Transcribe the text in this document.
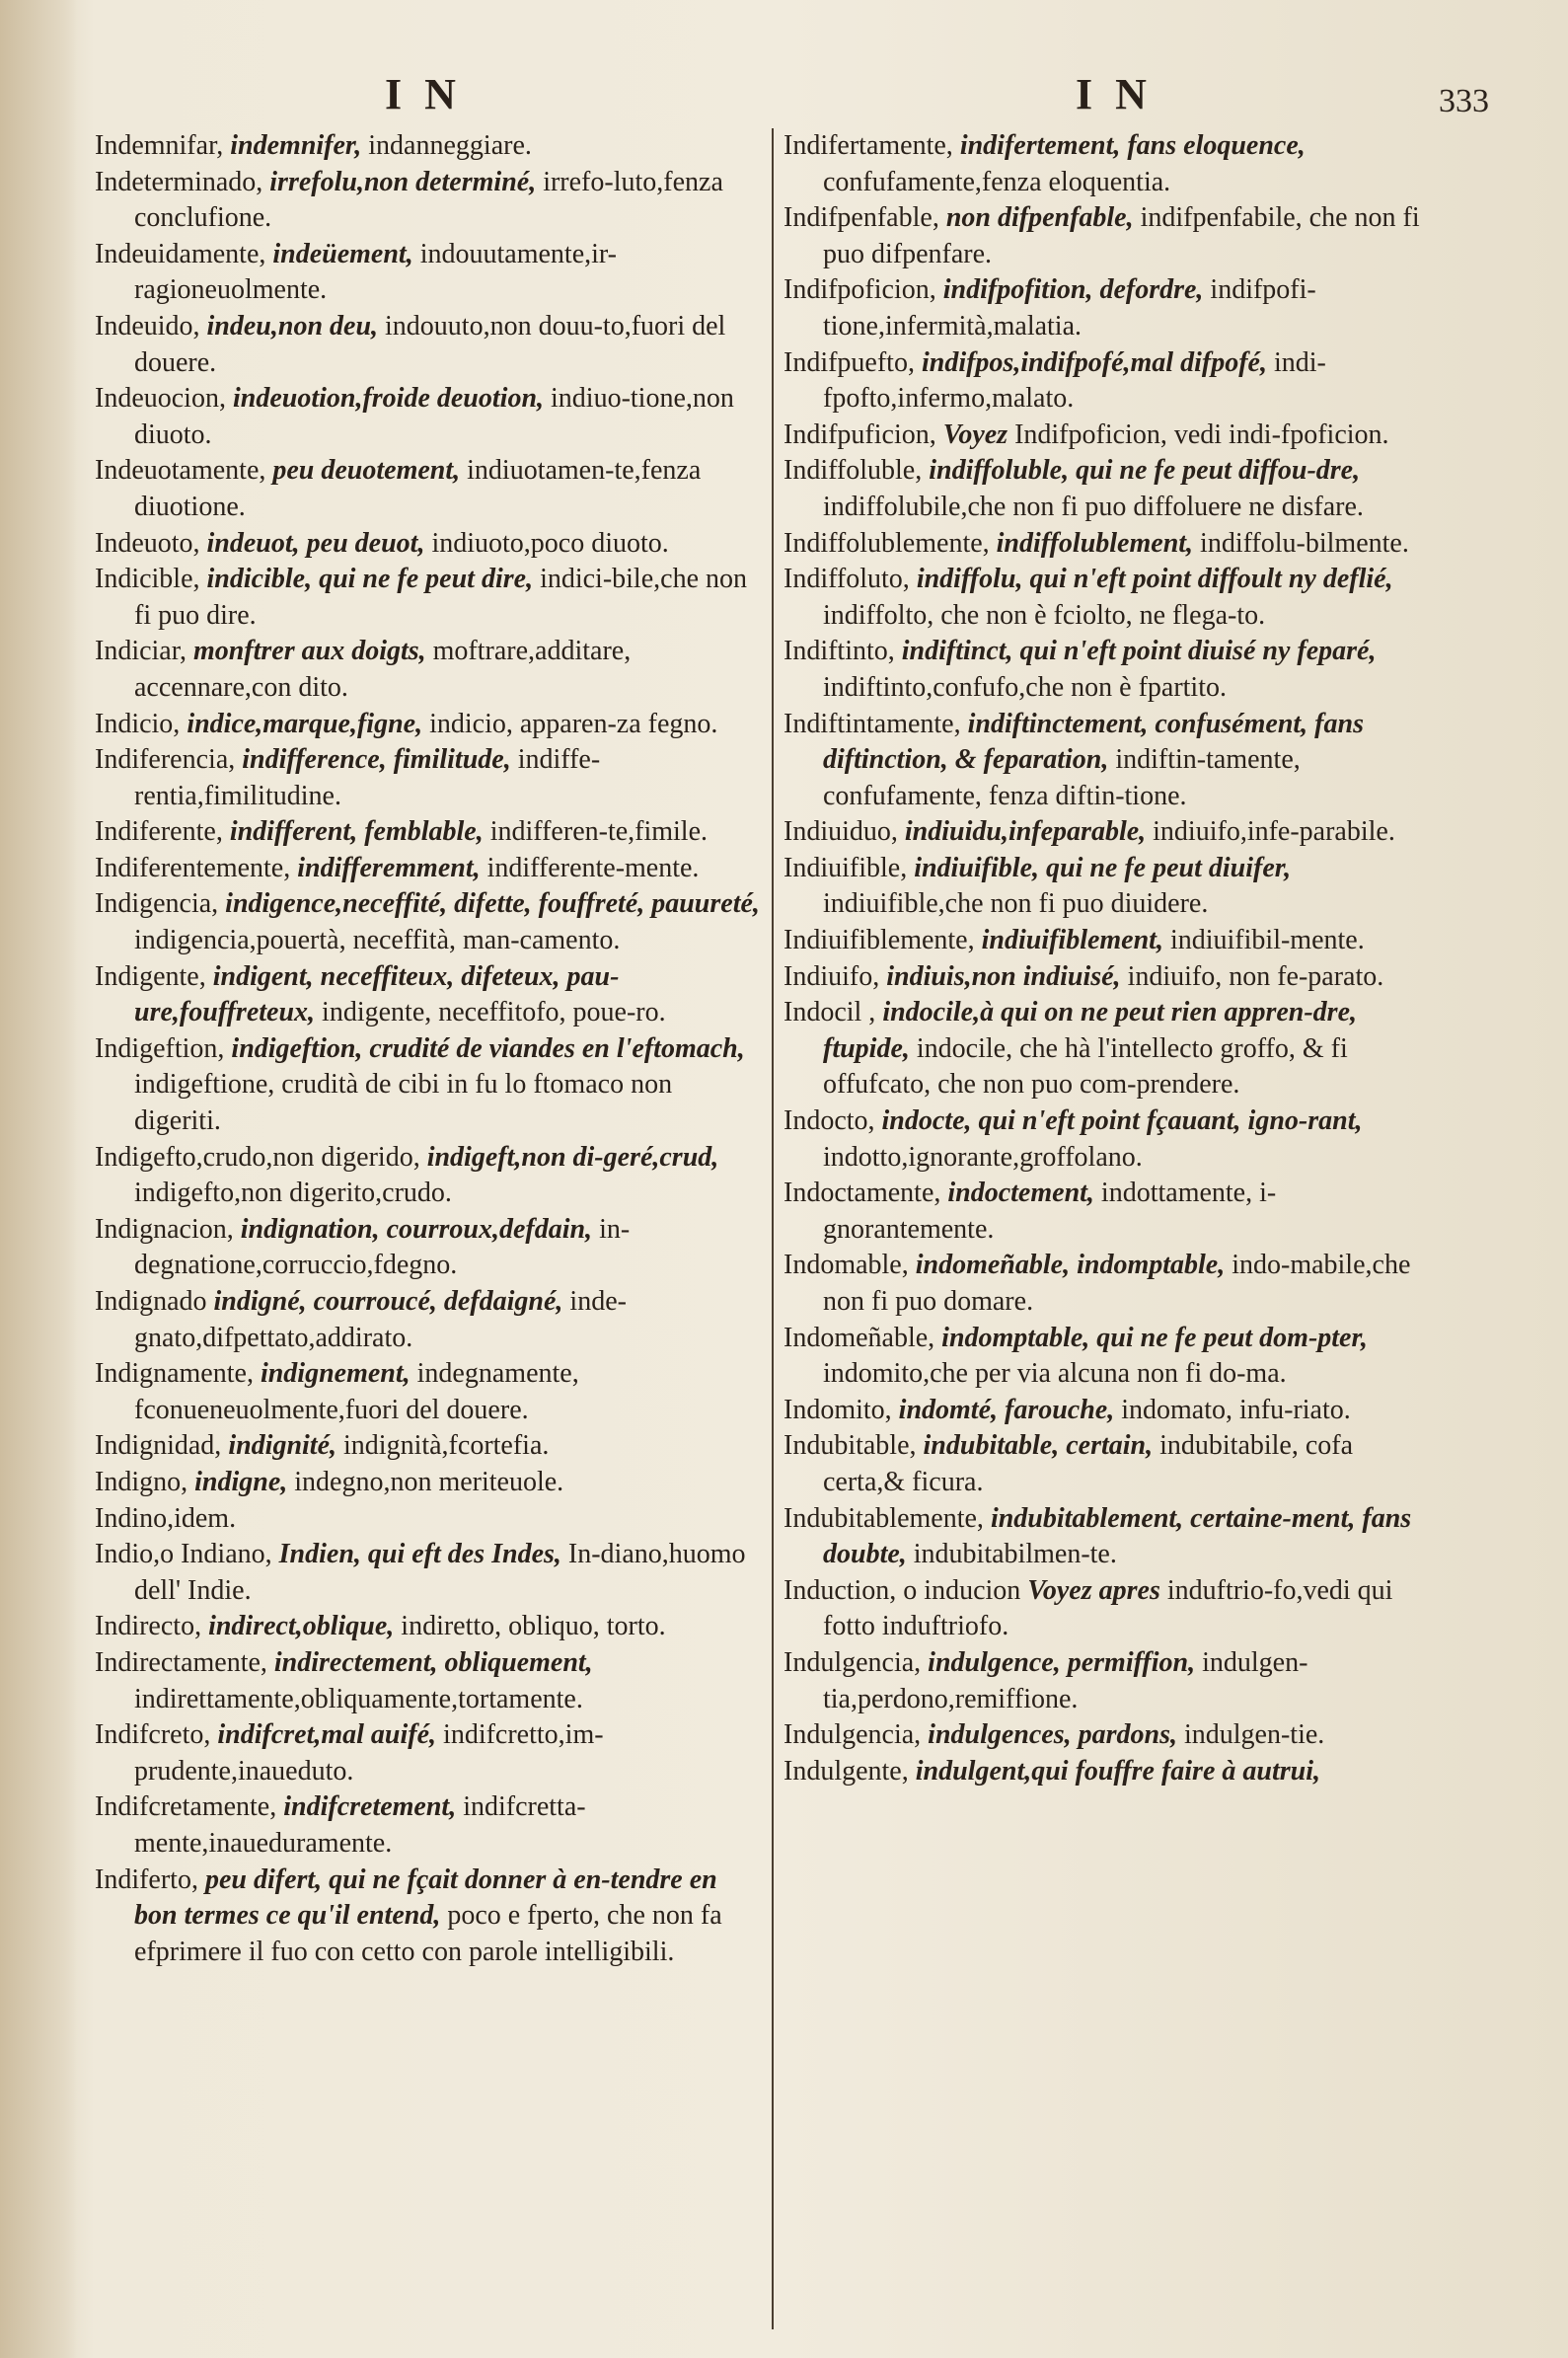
I N	I N	333

Indemnifar, indemnifer, indanneggiare.

Indeterminado, irrefolu,non determiné, irrefo-luto,fenza conclufione.

Indeuidamente, indeüement, indouutamente,ir-ragioneuolmente.

Indeuido, indeu,non deu, indouuto,non douu-to,fuori del douere.

Indeuocion, indeuotion,froide deuotion, indiuo-tione,non diuoto.

Indeuotamente, peu deuotement, indiuotamen-te,fenza diuotione.

Indeuoto, indeuot, peu deuot, indiuoto,poco diuoto.

Indicible, indicible, qui ne fe peut dire, indici-bile,che non fi puo dire.

Indiciar, monftrer aux doigts, moftrare,additare, accennare,con dito.

Indicio, indice,marque,figne, indicio, apparen-za fegno.

Indiferencia, indifference, fimilitude, indiffe-rentia,fimilitudine.

Indiferente, indifferent, femblable, indifferen-te,fimile.

Indiferentemente, indifferemment, indifferente-mente.

Indigencia, indigence,neceffité, difette, fouffreté, pauureté, indigencia,pouertà, neceffità, man-camento.

Indigente, indigent, neceffiteux, difeteux, pau-ure,fouffreteux, indigente, neceffitofo, poue-ro.

Indigeftion, indigeftion, crudité de viandes en l'eftomach, indigeftione, crudità de cibi in fu lo ftomaco non digeriti.

Indigefto,crudo,non digerido, indigeft,non di-geré,crud, indigefto,non digerito,crudo.

Indignacion, indignation, courroux,defdain, in-degnatione,corruccio,fdegno.

Indignado indigné, courroucé, defdaigné, inde-gnato,difpettato,addirato.

Indignamente, indignement, indegnamente, fconueneuolmente,fuori del douere.

Indignidad, indignité, indignità,fcortefia.

Indigno, indigne, indegno,non meriteuole.

Indino,idem.

Indio,o Indiano, Indien, qui eft des Indes, In-diano,huomo dell' Indie.

Indirecto, indirect,oblique, indiretto, obliquo, torto.

Indirectamente, indirectement, obliquement, indirettamente,obliquamente,tortamente.

Indifcreto, indifcret,mal auifé, indifcretto,im-prudente,inaueduto.

Indifcretamente, indifcretement, indifcretta-mente,inaueduramente.

Indiferto, peu difert, qui ne fçait donner à en-tendre en bon termes ce qu'il entend, poco e fperto, che non fa efprimere il fuo con cetto con parole intelligibili.

Indifertamente, indifertement, fans eloquence, confufamente,fenza eloquentia.

Indifpenfable, non difpenfable, indifpenfabile, che non fi puo difpenfare.

Indifpoficion, indifpofition, defordre, indifpofi-tione,infermità,malatia.

Indifpuefto, indifpos,indifpofé,mal difpofé, indi-fpofto,infermo,malato.

Indifpuficion, Voyez Indifpoficion, vedi indi-fpoficion.

Indiffoluble, indiffoluble, qui ne fe peut diffou-dre, indiffolubile,che non fi puo diffoluere ne disfare.

Indiffolublemente, indiffolublement, indiffolu-bilmente.

Indiffoluto, indiffolu, qui n'eft point diffoult ny deflié, indiffolto, che non è fciolto, ne flega-to.

Indiftinto, indiftinct, qui n'eft point diuisé ny feparé, indiftinto,confufo,che non è fpartito.

Indiftintamente, indiftinctement, confusément, fans diftinction, & feparation, indiftin-tamente, confufamente, fenza diftin-tione.

Indiuiduo, indiuidu,infeparable, indiuifo,infe-parabile.

Indiuifible, indiuifible, qui ne fe peut diuifer, indiuifible,che non fi puo diuidere.

Indiuifiblemente, indiuifiblement, indiuifibil-mente.

Indiuifo, indiuis,non indiuisé, indiuifo, non fe-parato.

Indocil , indocile,à qui on ne peut rien appren-dre, ftupide, indocile, che hà l'intellecto groffo, & fi offufcato, che non puo com-prendere.

Indocto, indocte, qui n'eft point fçauant, igno-rant, indotto,ignorante,groffolano.

Indoctamente, indoctement, indottamente, i-gnorantemente.

Indomable, indomeñable, indomptable, indo-mabile,che non fi puo domare.

Indomeñable, indomptable, qui ne fe peut dom-pter, indomito,che per via alcuna non fi do-ma.

Indomito, indomté, farouche, indomato, infu-riato.

Indubitable, indubitable, certain, indubitabile, cofa certa,& ficura.

Indubitablemente, indubitablement, certaine-ment, fans doubte, indubitabilmen-te.

Induction, o inducion Voyez apres induftrio-fo,vedi qui fotto induftriofo.

Indulgencia, indulgence, permiffion, indulgen-tia,perdono,remiffione.

Indulgencia, indulgences, pardons, indulgen-tie.

Indulgente, indulgent,qui fouffre faire à autrui,
